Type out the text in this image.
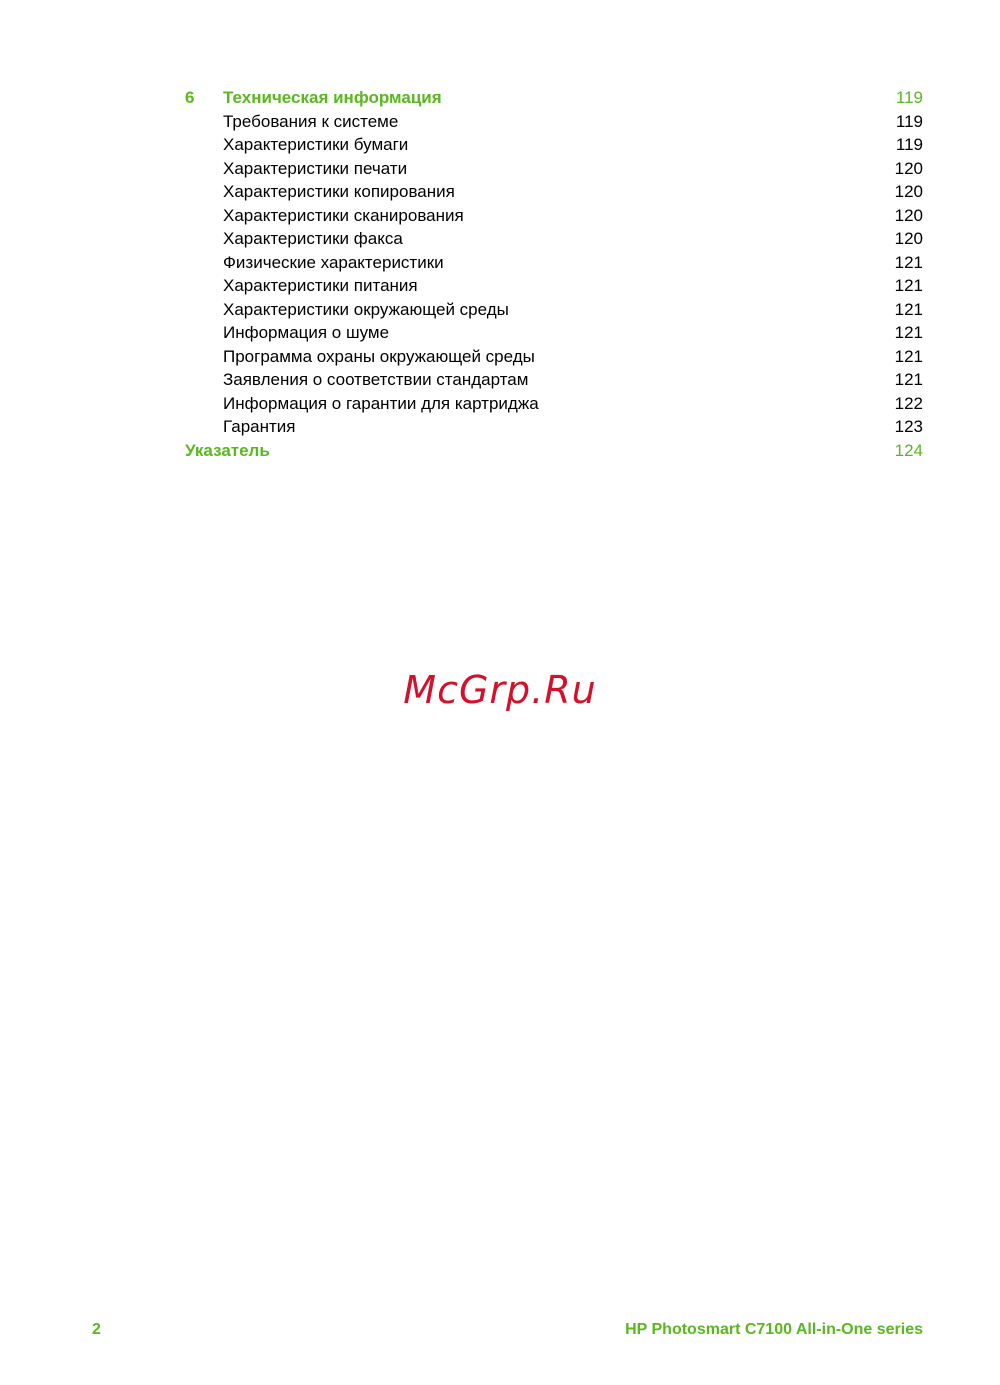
6	Техническая информация	119
Требования к системе	119
Характеристики бумаги	119
Характеристики печати	120
Характеристики копирования	120
Характеристики сканирования	120
Характеристики факса	120
Физические характеристики	121
Характеристики питания	121
Характеристики окружающей среды	121
Информация о шуме	121
Программа охраны окружающей среды	121
Заявления о соответствии стандартам	121
Информация о гарантии для картриджа	122
Гарантия	123
Указатель	124
McGrp.Ru
2	HP Photosmart C7100 All-in-One series
